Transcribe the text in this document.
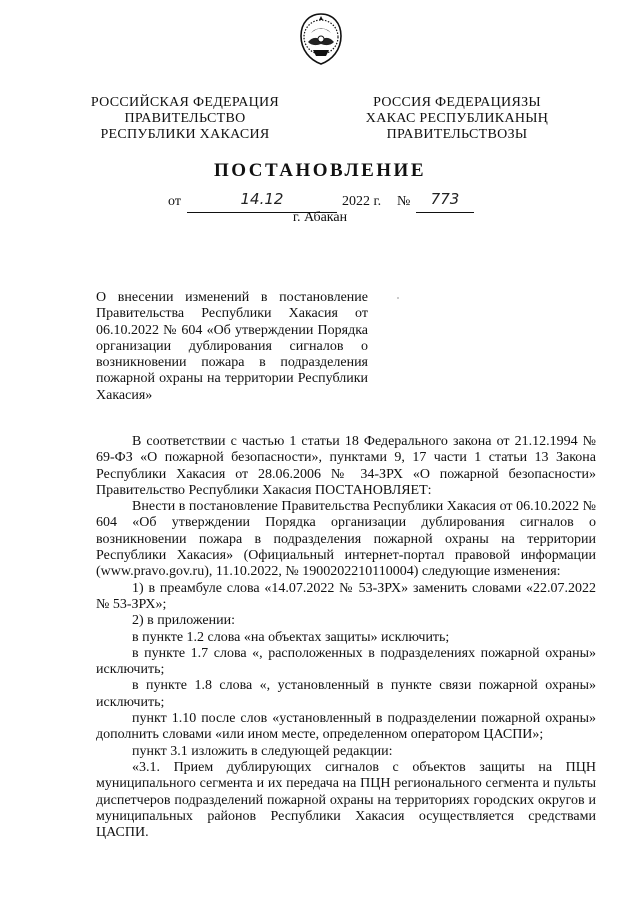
РОССИЙСКАЯ ФЕДЕРАЦИЯ
ПРАВИТЕЛЬСТВО
РЕСПУБЛИКИ ХАКАСИЯ
РОССИЯ ФЕДЕРАЦИЯЗЫ
ХАКАС РЕСПУБЛИКАНЫҢ
ПРАВИТЕЛЬСТВОЗЫ
ПОСТАНОВЛЕНИЕ
от	14.12	2022 г. №	773
г. Абакан
О внесении изменений в постановление Правительства Республики Хакасия от 06.10.2022 № 604 «Об утверждении Порядка организации дублирования сигналов о возникновении пожара в подразделения пожарной охраны на территории Республики Хакасия»

В соответствии с частью 1 статьи 18 Федерального закона от 21.12.1994 № 69-ФЗ «О пожарной безопасности», пунктами 9, 17 части 1 статьи 13 Закона Республики Хакасия от 28.06.2006 № 34-ЗРХ «О пожарной безопасности» Правительство Республики Хакасия ПОСТАНОВЛЯЕТ:

Внести в постановление Правительства Республики Хакасия от 06.10.2022 № 604 «Об утверждении Порядка организации дублирования сигналов о возникновении пожара в подразделения пожарной охраны на территории Республики Хакасия» (Официальный интернет-портал правовой информации (www.pravo.gov.ru), 11.10.2022, № 1900202210110004) следующие изменения:

1) в преамбуле слова «14.07.2022 № 53-ЗРХ» заменить словами «22.07.2022 № 53-ЗРХ»;

2) в приложении:

в пункте 1.2 слова «на объектах защиты» исключить;

в пункте 1.7 слова «, расположенных в подразделениях пожарной охраны» исключить;

в пункте 1.8 слова «, установленный в пункте связи пожарной охраны» исключить;

пункт 1.10 после слов «установленный в подразделении пожарной охраны» дополнить словами «или ином месте, определенном оператором ЦАСПИ»;

пункт 3.1 изложить в следующей редакции:

«3.1. Прием дублирующих сигналов с объектов защиты на ПЦН муниципального сегмента и их передача на ПЦН регионального сегмента и пульты диспетчеров подразделений пожарной охраны на территориях городских округов и муниципальных районов Республики Хакасия осуществляется средствами ЦАСПИ.
